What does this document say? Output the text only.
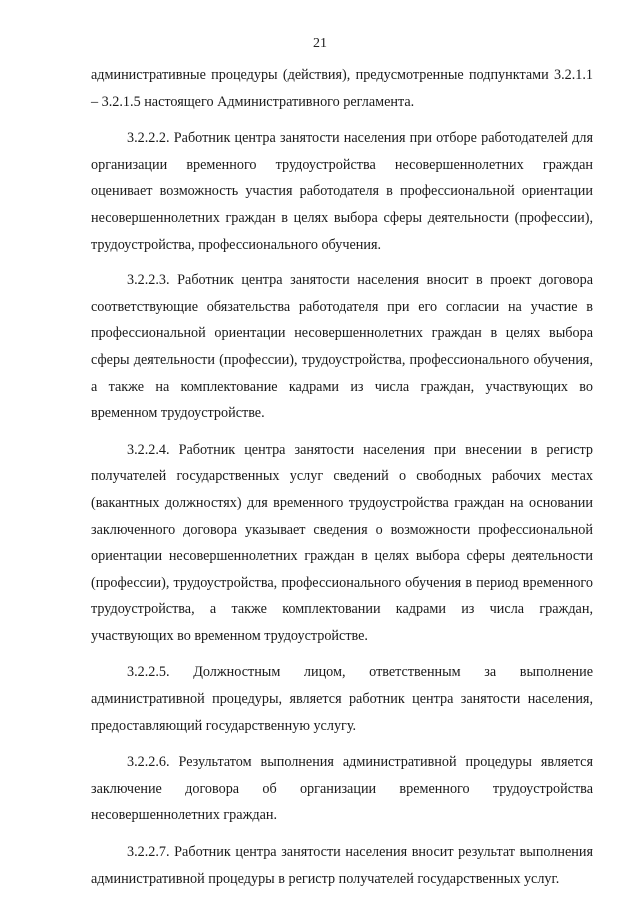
21

административные процедуры (действия), предусмотренные подпунктами 3.2.1.1 – 3.2.1.5 настоящего Административного регламента.

3.2.2.2. Работник центра занятости населения при отборе работодателей для организации временного трудоустройства несовершеннолетних граждан оценивает возможность участия работодателя в профессиональной ориентации несовершеннолетних граждан в целях выбора сферы деятельности (профессии), трудоустройства, профессионального обучения.

3.2.2.3. Работник центра занятости населения вносит в проект договора соответствующие обязательства работодателя при его согласии на участие в профессиональной ориентации несовершеннолетних граждан в целях выбора сферы деятельности (профессии), трудоустройства, профессионального обучения, а также на комплектование кадрами из числа граждан, участвующих во временном трудоустройстве.

3.2.2.4. Работник центра занятости населения при внесении в регистр получателей государственных услуг сведений о свободных рабочих местах (вакантных должностях) для временного трудоустройства граждан на основании заключенного договора указывает сведения о возможности профессиональной ориентации несовершеннолетних граждан в целях выбора сферы деятельности (профессии), трудоустройства, профессионального обучения в период временного трудоустройства, а также комплектовании кадрами из числа граждан, участвующих во временном трудоустройстве.

3.2.2.5. Должностным лицом, ответственным за выполнение административной процедуры, является работник центра занятости населения, предоставляющий государственную услугу.

3.2.2.6. Результатом выполнения административной процедуры является заключение договора об организации временного трудоустройства несовершеннолетних граждан.

3.2.2.7. Работник центра занятости населения вносит результат выполнения административной процедуры в регистр получателей государственных услуг.
